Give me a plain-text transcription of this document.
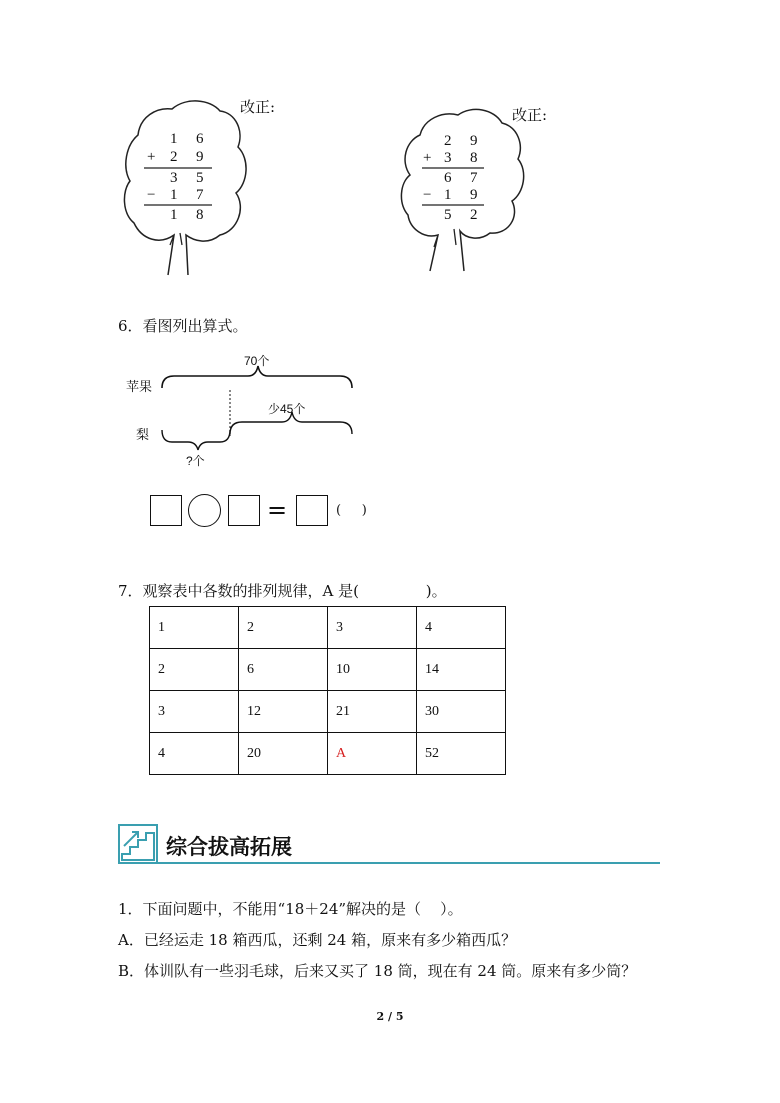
1 6
+ 2 9
3 5
− 1 7
1 8
改正:
2 9
+ 3 8
6 7
− 1 9
5 2
改正:
6．看图列出算式。
70个
苹果
少45个
梨
?个
=	(     )
7．观察表中各数的排列规律，A 是(              )。
1	2	3	4
2	6	10	14
3	12	21	30
4	20	A	52
综合拔高拓展
1．下面问题中，不能用“18＋24”解决的是（    ）。
A．已经运走 18 箱西瓜，还剩 24 箱，原来有多少箱西瓜？
B．体训队有一些羽毛球，后来又买了 18 筒，现在有 24 筒。原来有多少筒？
2 / 5
